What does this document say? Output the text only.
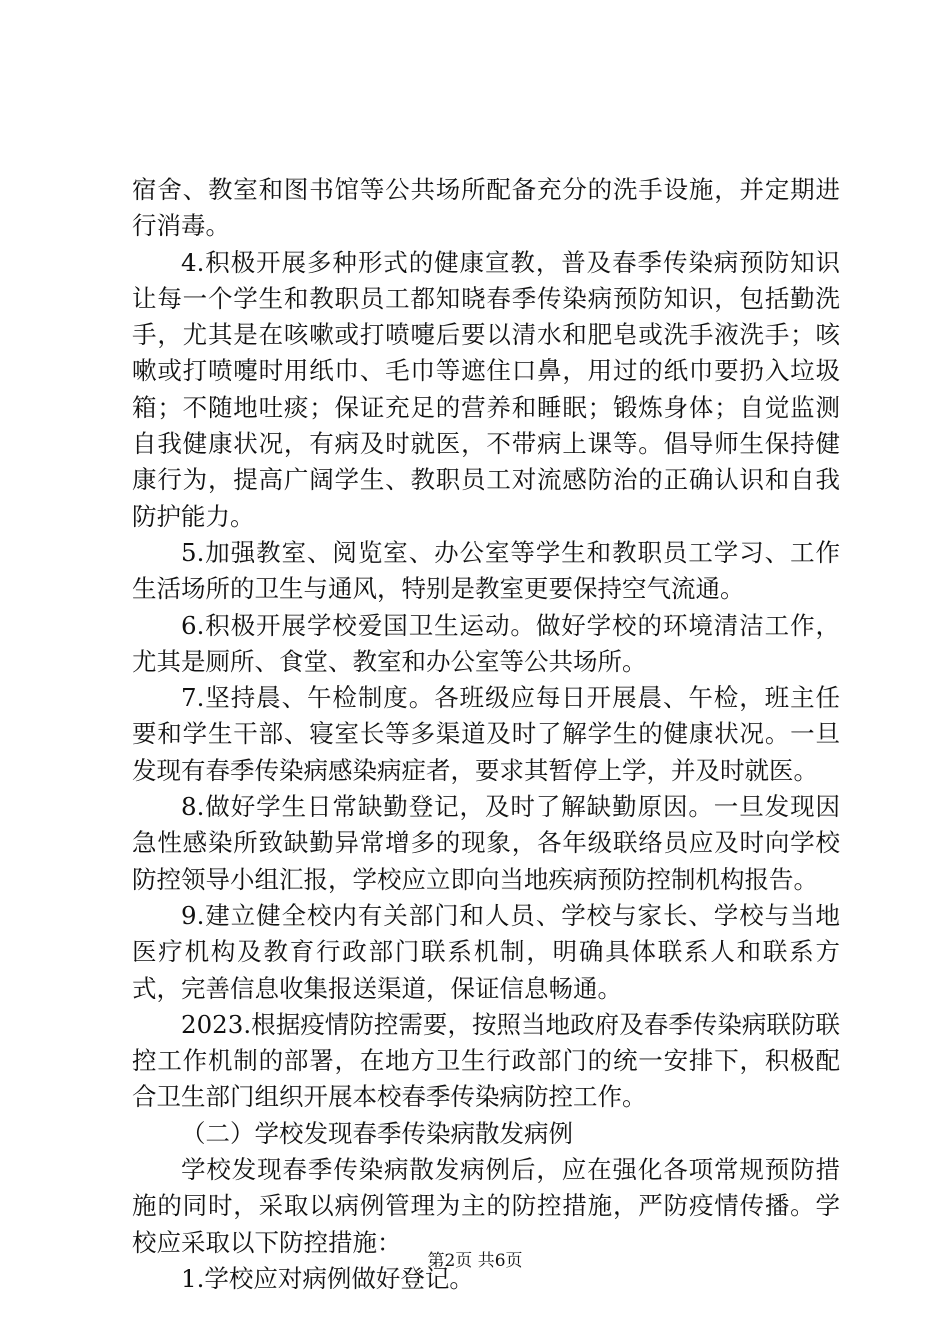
宿舍、教室和图书馆等公共场所配备充分的洗手设施，并定期进行消毒。

4.积极开展多种形式的健康宣教，普及春季传染病预防知识让每一个学生和教职员工都知晓春季传染病预防知识，包括勤洗手，尤其是在咳嗽或打喷嚏后要以清水和肥皂或洗手液洗手；咳嗽或打喷嚏时用纸巾、毛巾等遮住口鼻，用过的纸巾要扔入垃圾箱；不随地吐痰；保证充足的营养和睡眠；锻炼身体；自觉监测自我健康状况，有病及时就医，不带病上课等。倡导师生保持健康行为，提高广阔学生、教职员工对流感防治的正确认识和自我防护能力。

5.加强教室、阅览室、办公室等学生和教职员工学习、工作生活场所的卫生与通风，特别是教室更要保持空气流通。

6.积极开展学校爱国卫生运动。做好学校的环境清洁工作，尤其是厕所、食堂、教室和办公室等公共场所。

7.坚持晨、午检制度。各班级应每日开展晨、午检，班主任要和学生干部、寝室长等多渠道及时了解学生的健康状况。一旦发现有春季传染病感染病症者，要求其暂停上学，并及时就医。

8.做好学生日常缺勤登记，及时了解缺勤原因。一旦发现因急性感染所致缺勤异常增多的现象，各年级联络员应及时向学校防控领导小组汇报，学校应立即向当地疾病预防控制机构报告。

9.建立健全校内有关部门和人员、学校与家长、学校与当地医疗机构及教育行政部门联系机制，明确具体联系人和联系方式，完善信息收集报送渠道，保证信息畅通。

2023.根据疫情防控需要，按照当地政府及春季传染病联防联控工作机制的部署，在地方卫生行政部门的统一安排下，积极配合卫生部门组织开展本校春季传染病防控工作。

（二）学校发现春季传染病散发病例

学校发现春季传染病散发病例后，应在强化各项常规预防措施的同时，采取以病例管理为主的防控措施，严防疫情传播。学校应采取以下防控措施：

1.学校应对病例做好登记。

第2页 共6页
